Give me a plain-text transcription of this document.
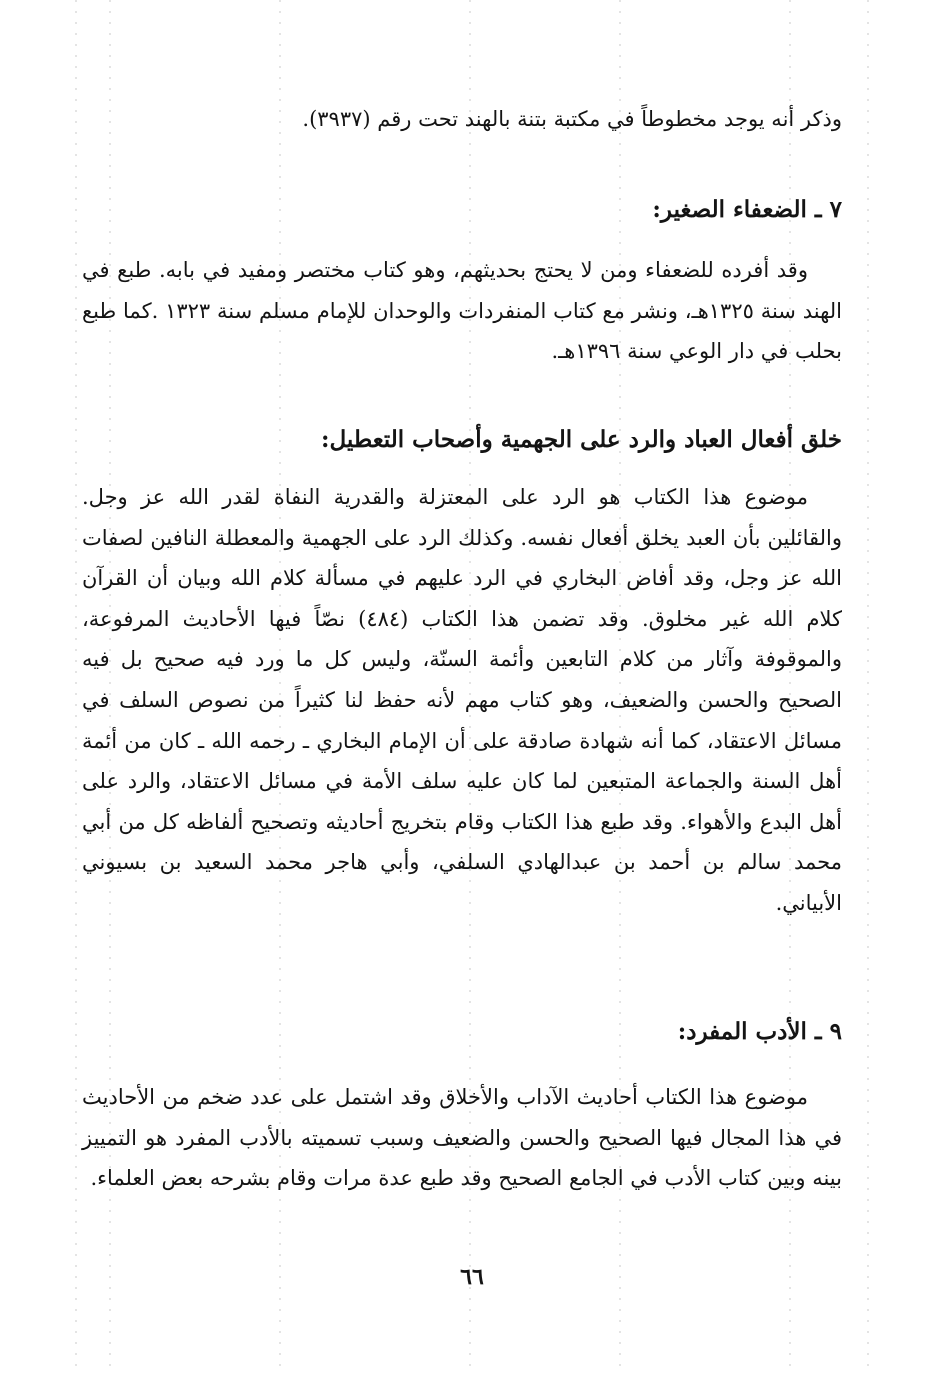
وذكر أنه يوجد مخطوطاً في مكتبة بتنة بالهند تحت رقم (٣٩٣٧).
٧ ـ الضعفاء الصغير:
وقد أفرده للضعفاء ومن لا يحتج بحديثهم، وهو كتاب مختصر ومفيد في بابه. طبع في الهند سنة ١٣٢٥هـ، ونشر مع كتاب المنفردات والوحدان للإمام مسلم سنة ١٣٢٣ .كما طبع بحلب في دار الوعي سنة ١٣٩٦هـ.
خلق أفعال العباد والرد على الجهمية وأصحاب التعطيل:
موضوع هذا الكتاب هو الرد على المعتزلة والقدرية النفاة لقدر الله عز وجل. والقائلين بأن العبد يخلق أفعال نفسه. وكذلك الرد على الجهمية والمعطلة النافين لصفات الله عز وجل، وقد أفاض البخاري في الرد عليهم في مسألة كلام الله وبيان أن القرآن كلام الله غير مخلوق. وقد تضمن هذا الكتاب (٤٨٤) نصّاً فيها الأحاديث المرفوعة، والموقوفة وآثار من كلام التابعين وأئمة السنّة، وليس كل ما ورد فيه صحيح بل فيه الصحيح والحسن والضعيف، وهو كتاب مهم لأنه حفظ لنا كثيراً من نصوص السلف في مسائل الاعتقاد، كما أنه شهادة صادقة على أن الإمام البخاري ـ رحمه الله ـ كان من أئمة أهل السنة والجماعة المتبعين لما كان عليه سلف الأمة في مسائل الاعتقاد، والرد على أهل البدع والأهواء. وقد طبع هذا الكتاب وقام بتخريج أحاديثه وتصحيح ألفاظه كل من أبي محمد سالم بن أحمد بن عبدالهادي السلفي، وأبي هاجر محمد السعيد بن بسيوني الأبياني.
٩ ـ الأدب المفرد:
موضوع هذا الكتاب أحاديث الآداب والأخلاق وقد اشتمل على عدد ضخم من الأحاديث في هذا المجال فيها الصحيح والحسن والضعيف وسبب تسميته بالأدب المفرد هو التمييز بينه وبين كتاب الأدب في الجامع الصحيح وقد طبع عدة مرات وقام بشرحه بعض العلماء.
٦٦
